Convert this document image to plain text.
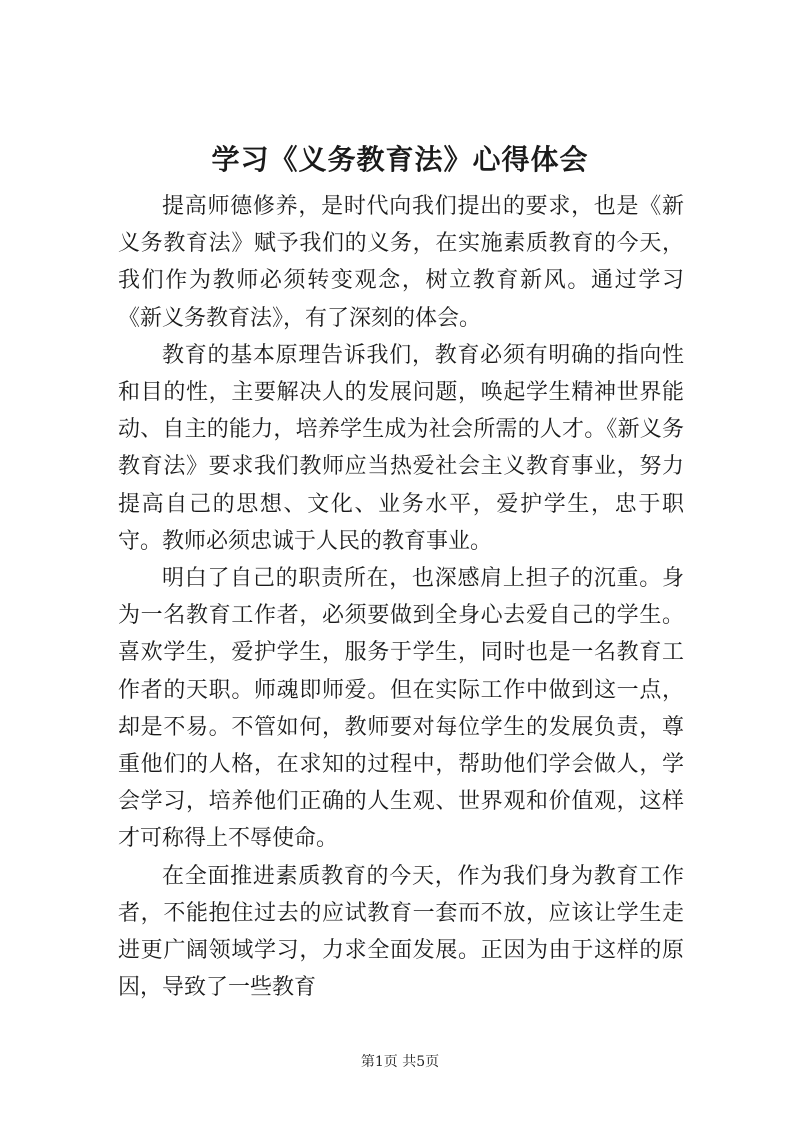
学习《义务教育法》心得体会

提高师德修养，是时代向我们提出的要求，也是《新义务教育法》赋予我们的义务，在实施素质教育的今天，我们作为教师必须转变观念，树立教育新风。通过学习《新义务教育法》，有了深刻的体会。

教育的基本原理告诉我们，教育必须有明确的指向性和目的性，主要解决人的发展问题，唤起学生精神世界能动、自主的能力，培养学生成为社会所需的人才。《新义务教育法》要求我们教师应当热爱社会主义教育事业，努力提高自己的思想、文化、业务水平，爱护学生，忠于职守。教师必须忠诚于人民的教育事业。

明白了自己的职责所在，也深感肩上担子的沉重。身为一名教育工作者，必须要做到全身心去爱自己的学生。喜欢学生，爱护学生，服务于学生，同时也是一名教育工作者的天职。师魂即师爱。但在实际工作中做到这一点，却是不易。不管如何，教师要对每位学生的发展负责，尊重他们的人格，在求知的过程中，帮助他们学会做人，学会学习，培养他们正确的人生观、世界观和价值观，这样才可称得上不辱使命。

在全面推进素质教育的今天，作为我们身为教育工作者，不能抱住过去的应试教育一套而不放，应该让学生走进更广阔领域学习，力求全面发展。正因为由于这样的原因，导致了一些教育

第1页 共5页
